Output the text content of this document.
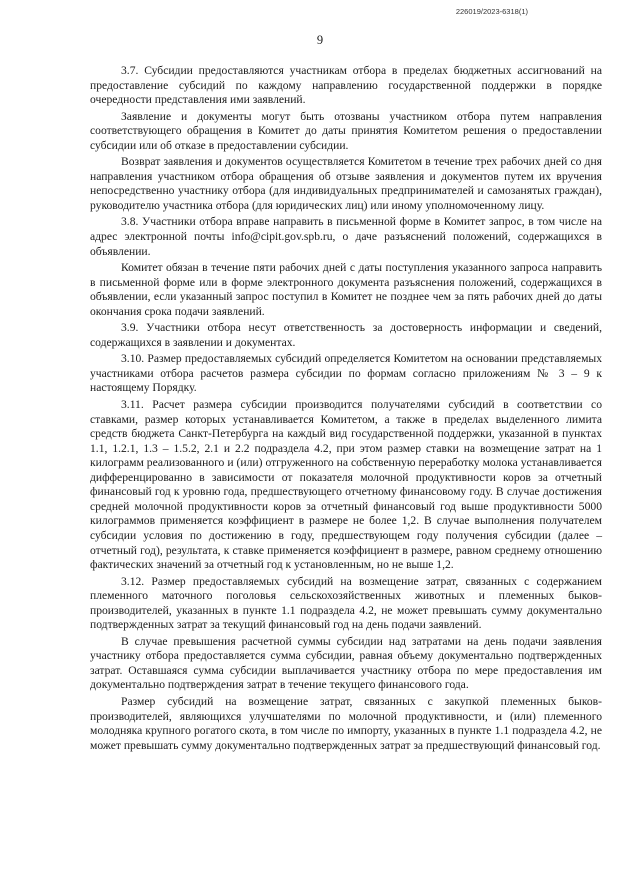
226019/2023-6318(1)
9

3.7. Субсидии предоставляются участникам отбора в пределах бюджетных ассигнований на предоставление субсидий по каждому направлению государственной поддержки в порядке очередности представления ими заявлений.

Заявление и документы могут быть отозваны участником отбора путем направления соответствующего обращения в Комитет до даты принятия Комитетом решения о предоставлении субсидии или об отказе в предоставлении субсидии.

Возврат заявления и документов осуществляется Комитетом в течение трех рабочих дней со дня направления участником отбора обращения об отзыве заявления и документов путем их вручения непосредственно участнику отбора (для индивидуальных предпринимателей и самозанятых граждан), руководителю участника отбора (для юридических лиц) или иному уполномоченному лицу.

3.8. Участники отбора вправе направить в письменной форме в Комитет запрос, в том числе на адрес электронной почты info@cipit.gov.spb.ru, о даче разъяснений положений, содержащихся в объявлении.

Комитет обязан в течение пяти рабочих дней с даты поступления указанного запроса направить в письменной форме или в форме электронного документа разъяснения положений, содержащихся в объявлении, если указанный запрос поступил в Комитет не позднее чем за пять рабочих дней до даты окончания срока подачи заявлений.

3.9. Участники отбора несут ответственность за достоверность информации и сведений, содержащихся в заявлении и документах.

3.10. Размер предоставляемых субсидий определяется Комитетом на основании представляемых участниками отбора расчетов размера субсидии по формам согласно приложениям № 3 – 9 к настоящему Порядку.

3.11. Расчет размера субсидии производится получателями субсидий в соответствии со ставками, размер которых устанавливается Комитетом, а также в пределах выделенного лимита средств бюджета Санкт-Петербурга на каждый вид государственной поддержки, указанной в пунктах 1.1, 1.2.1, 1.3 – 1.5.2, 2.1 и 2.2 подраздела 4.2, при этом размер ставки на возмещение затрат на 1 килограмм реализованного и (или) отгруженного на собственную переработку молока устанавливается дифференцированно в зависимости от показателя молочной продуктивности коров за отчетный финансовый год к уровню года, предшествующего отчетному финансовому году. В случае достижения средней молочной продуктивности коров за отчетный финансовый год выше продуктивности 5000 килограммов применяется коэффициент в размере не более 1,2. В случае выполнения получателем субсидии условия по достижению в году, предшествующем году получения субсидии (далее – отчетный год), результата, к ставке применяется коэффициент в размере, равном среднему отношению фактических значений за отчетный год к установленным, но не выше 1,2.

3.12. Размер предоставляемых субсидий на возмещение затрат, связанных с содержанием племенного маточного поголовья сельскохозяйственных животных и племенных быков-производителей, указанных в пункте 1.1 подраздела 4.2, не может превышать сумму документально подтвержденных затрат за текущий финансовый год на день подачи заявлений.

В случае превышения расчетной суммы субсидии над затратами на день подачи заявления участнику отбора предоставляется сумма субсидии, равная объему документально подтвержденных затрат. Оставшаяся сумма субсидии выплачивается участнику отбора по мере предоставления им документально подтверждения затрат в течение текущего финансового года.

Размер субсидий на возмещение затрат, связанных с закупкой племенных быков-производителей, являющихся улучшателями по молочной продуктивности, и (или) племенного молодняка крупного рогатого скота, в том числе по импорту, указанных в пункте 1.1 подраздела 4.2, не может превышать сумму документально подтвержденных затрат за предшествующий финансовый год.
